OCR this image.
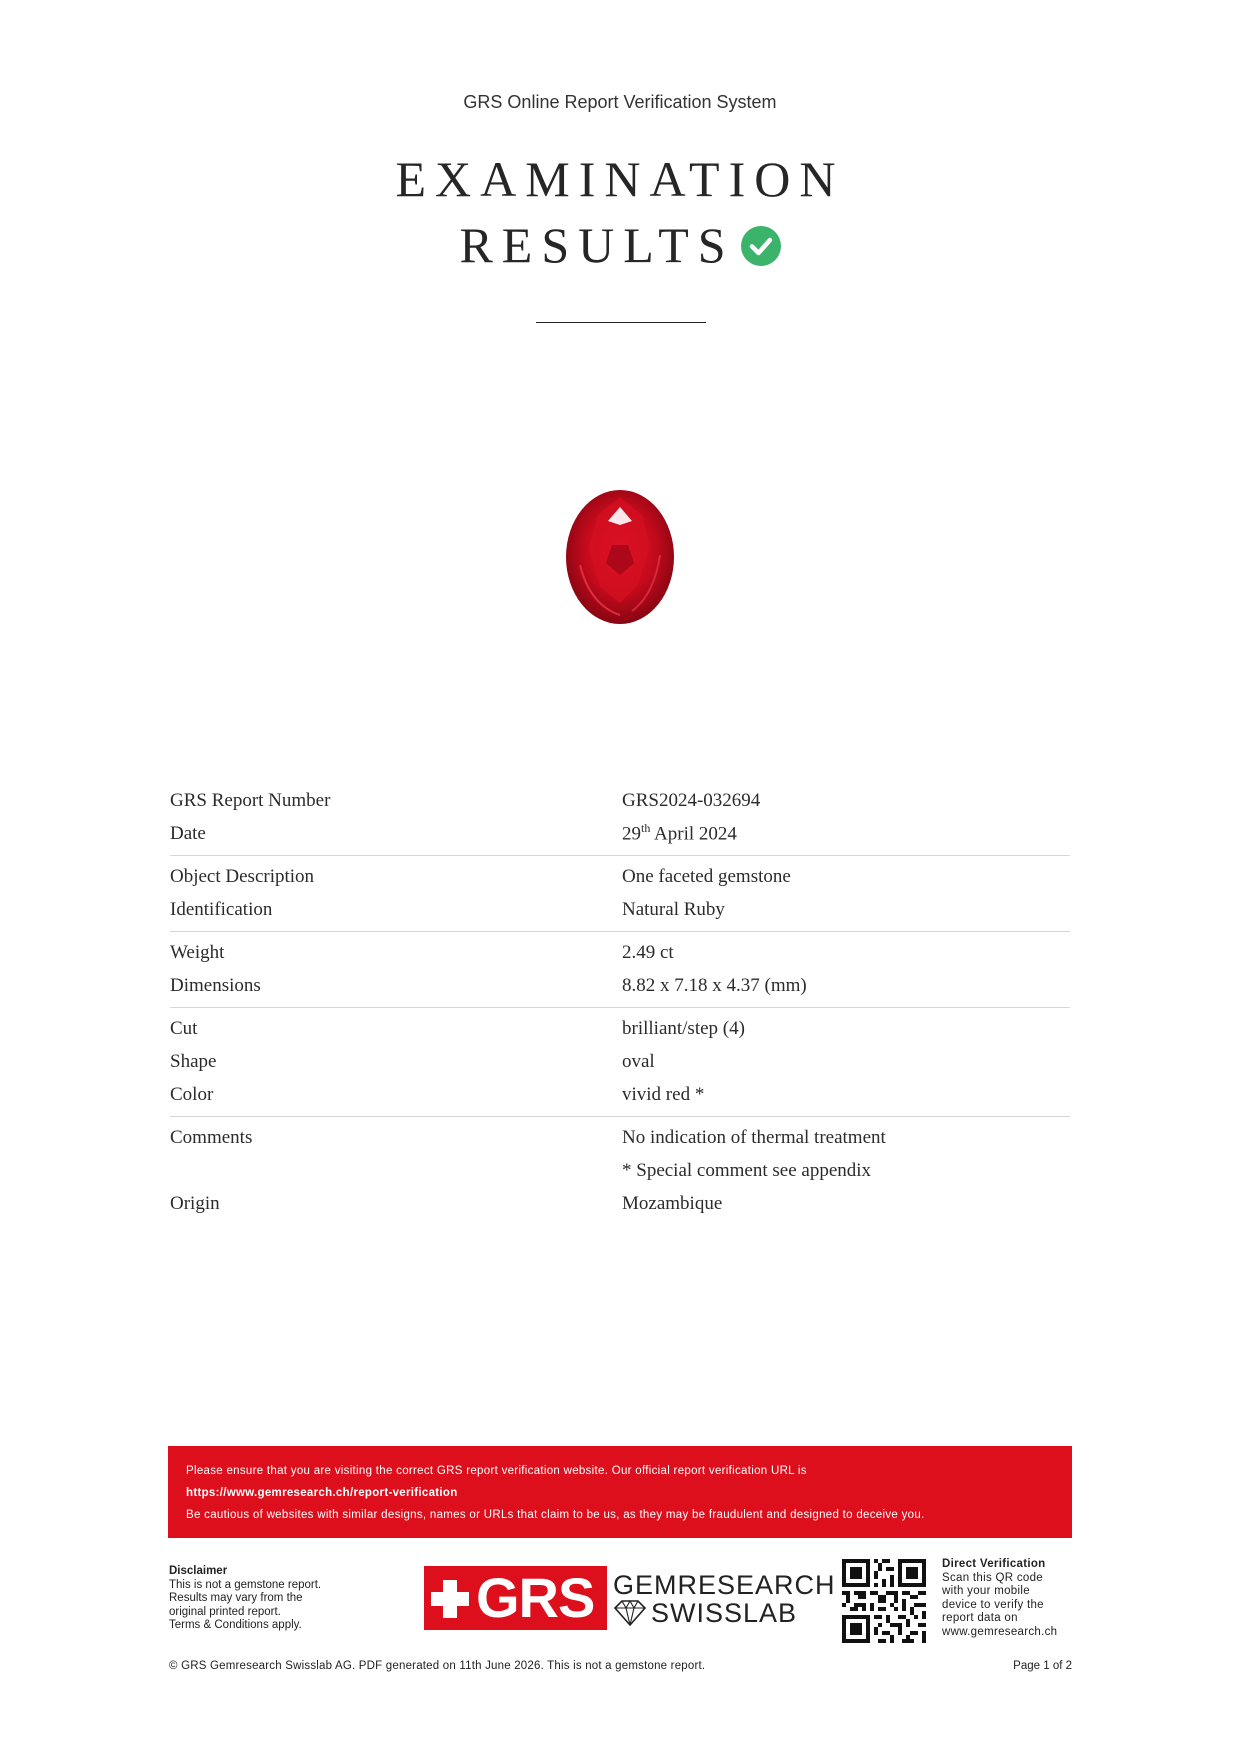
GRS Online Report Verification System
EXAMINATION
RESULTS
GRS Report Number	GRS2024-032694
Date	29th April 2024
Object Description	One faceted gemstone
Identification	Natural Ruby
Weight	2.49 ct
Dimensions	8.82 x 7.18 x 4.37 (mm)
Cut	brilliant/step (4)
Shape	oval
Color	vivid red *
Comments	No indication of thermal treatment
* Special comment see appendix
Origin	Mozambique
Please ensure that you are visiting the correct GRS report verification website. Our official report verification URL is
https://www.gemresearch.ch/report-verification
Be cautious of websites with similar designs, names or URLs that claim to be us, as they may be fraudulent and designed to deceive you.
Disclaimer
This is not a gemstone report.
Results may vary from the
original printed report.
Terms & Conditions apply.	GRS GEMRESEARCH
SWISSLAB
Direct Verification
Scan this QR code
with your mobile
device to verify the
report data on
www.gemresearch.ch
© GRS Gemresearch Swisslab AG. PDF generated on 11th June 2026. This is not a gemstone report.	Page 1 of 2
